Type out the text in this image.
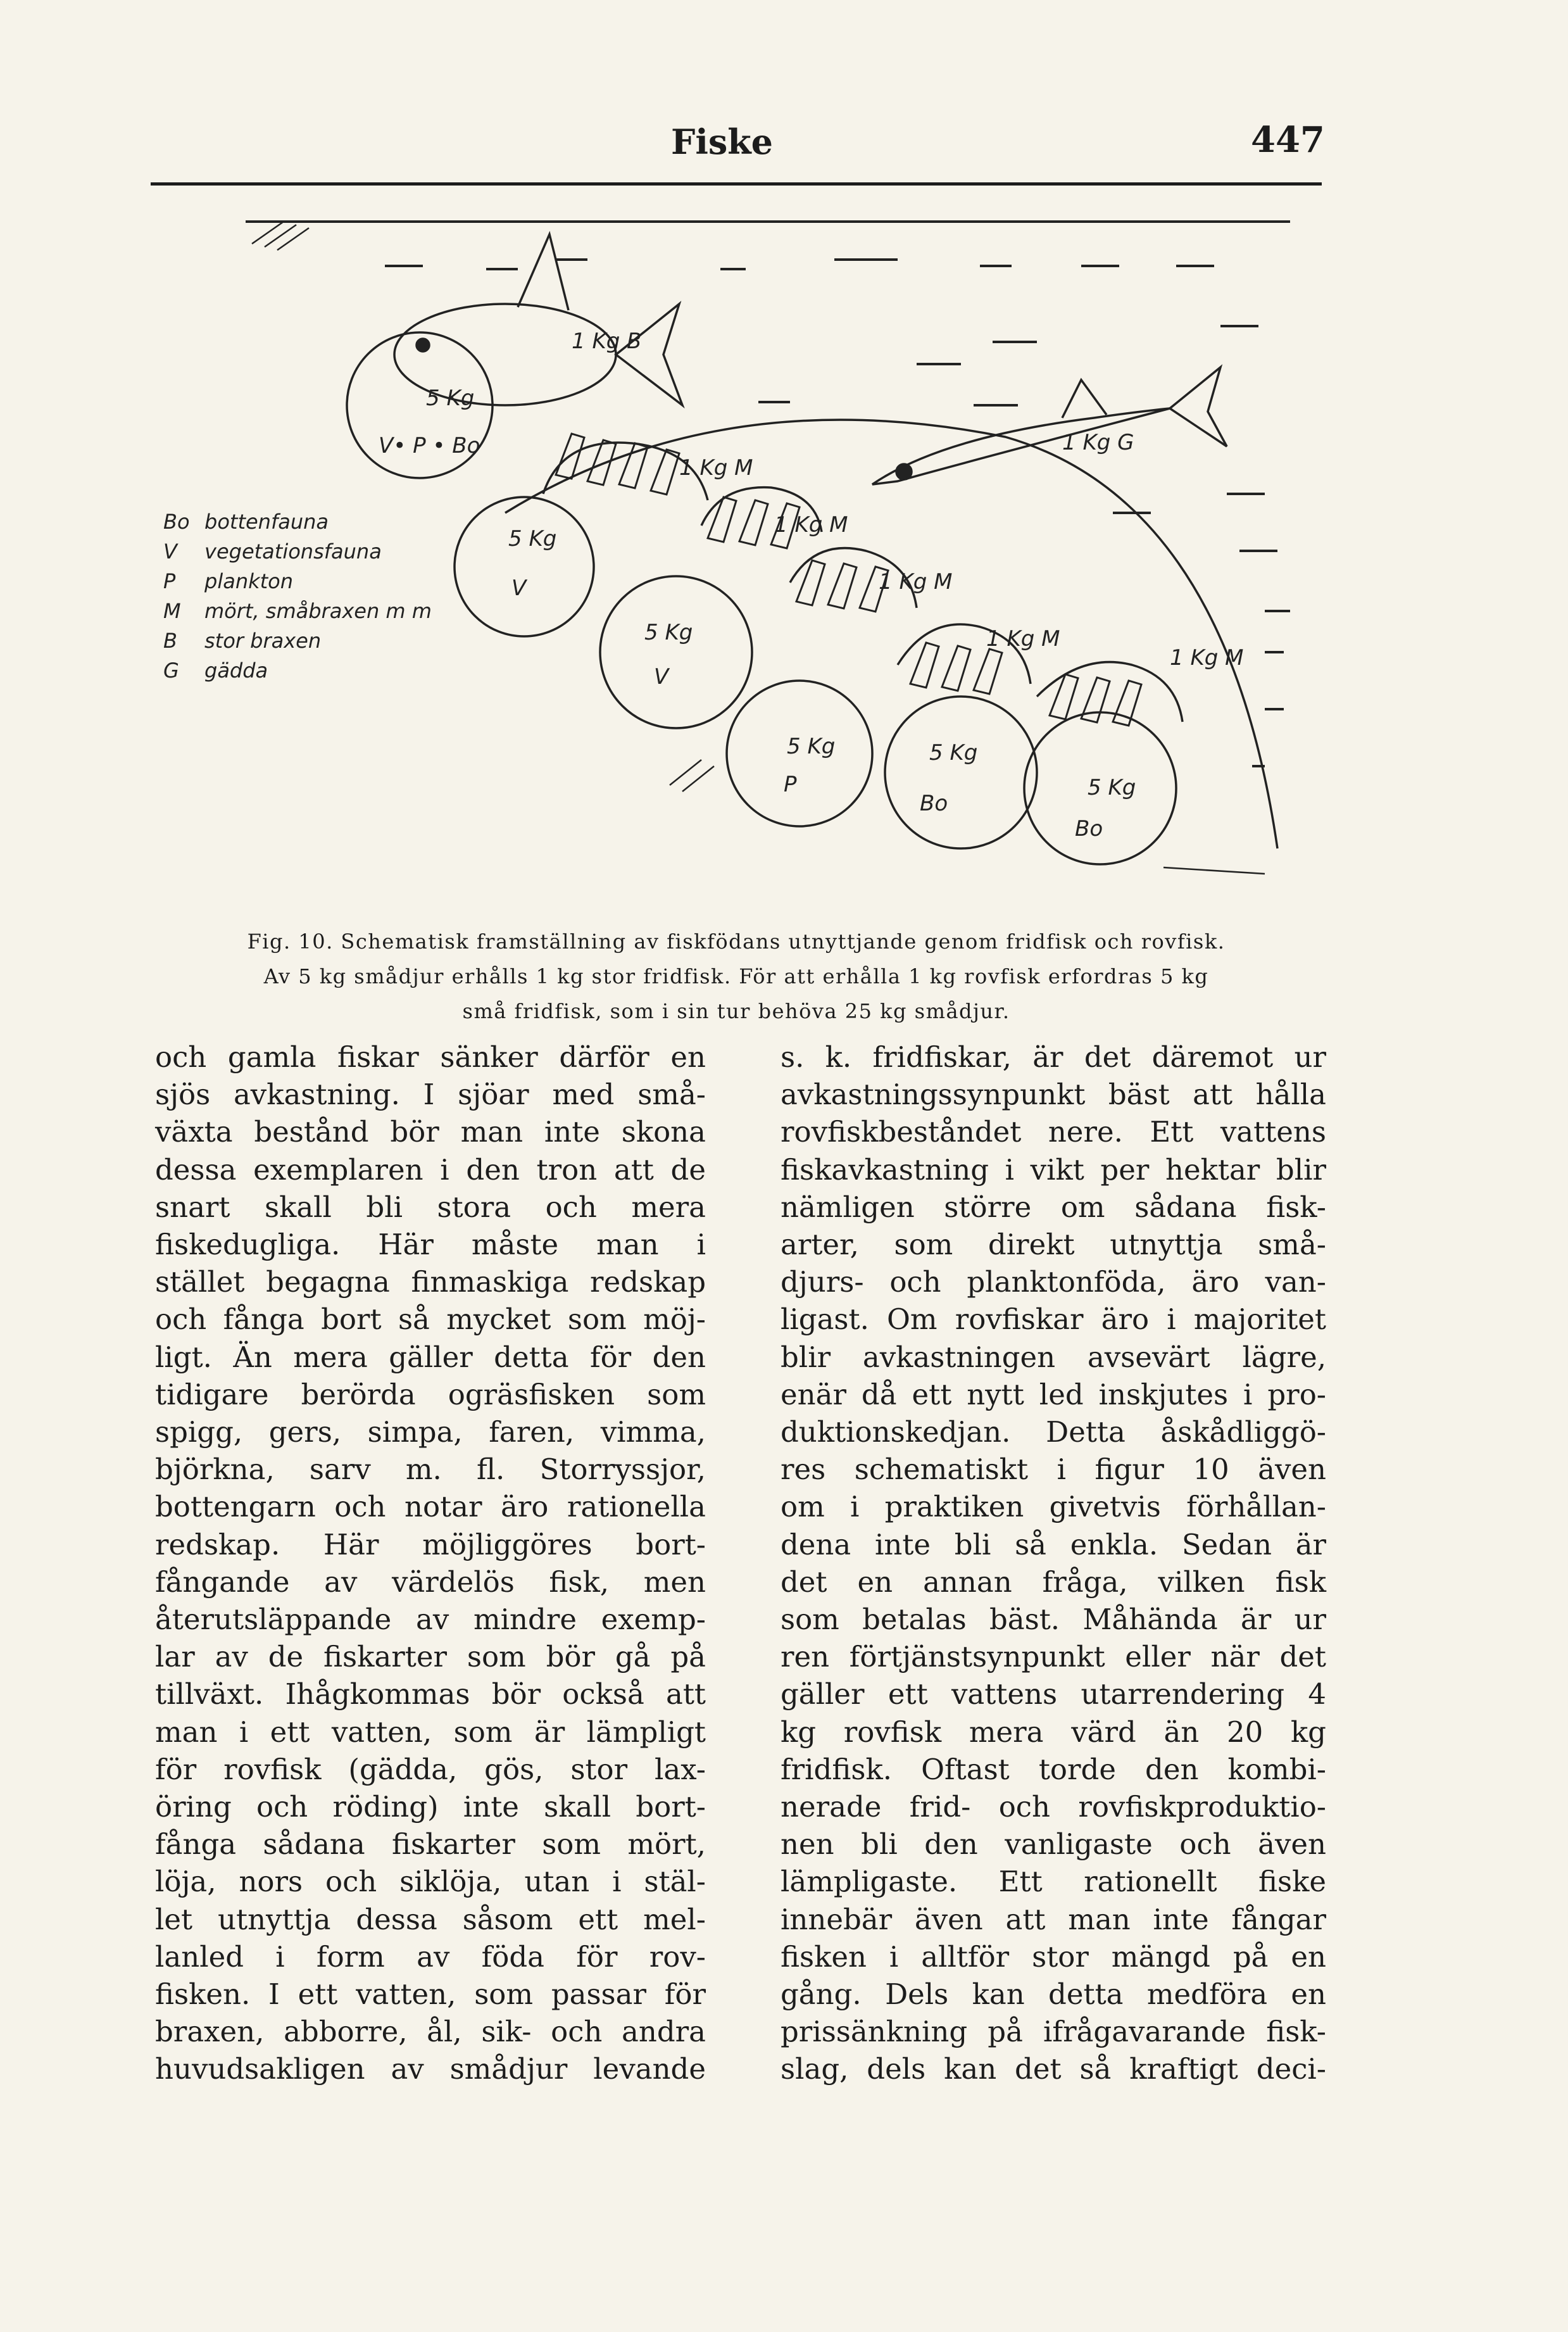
Fiske	447
Bo bottenfauna
V vegetationsfauna
P plankton
M mört, småbraxen m m
B stor braxen
G gädda
5 Kg
V• P • Bo
5 Kg
V
5 Kg
V
5 Kg
P
5 Kg
Bo
5 Kg
Bo
1 Kg B
1 Kg G
1 Kg M
1 Kg M
1 Kg M
1 Kg M
1 Kg M
Fig. 10. Schematisk framställning av fiskfödans utnyttjande genom fridfisk och rovfisk.
Av 5 kg smådjur erhålls 1 kg stor fridfisk. För att erhålla 1 kg rovfisk erfordras 5 kg
små fridfisk, som i sin tur behöva 25 kg smådjur.
och gamla fiskar sänker därför en
sjös avkastning. I sjöar med små-
växta bestånd bör man inte skona
dessa exemplaren i den tron att de
snart skall bli stora och mera
fiskedugliga. Här måste man i
stället begagna finmaskiga redskap
och fånga bort så mycket som möj-
ligt. Än mera gäller detta för den
tidigare berörda ogräsfisken som
spigg, gers, simpa, faren, vimma,
björkna, sarv m. fl. Storryssjor,
bottengarn och notar äro rationella
redskap. Här möjliggöres bort-
fångande av värdelös fisk, men
återutsläppande av mindre exemp-
lar av de fiskarter som bör gå på
tillväxt. Ihågkommas bör också att
man i ett vatten, som är lämpligt
för rovfisk (gädda, gös, stor lax-
öring och röding) inte skall bort-
fånga sådana fiskarter som mört,
löja, nors och siklöja, utan i stäl-
let utnyttja dessa såsom ett mel-
lanled i form av föda för rov-
fisken. I ett vatten, som passar för
braxen, abborre, ål, sik- och andra
huvudsakligen av smådjur levande
s. k. fridfiskar, är det däremot ur
avkastningssynpunkt bäst att hålla
rovfiskbeståndet nere. Ett vattens
fiskavkastning i vikt per hektar blir
nämligen större om sådana fisk-
arter, som direkt utnyttja små-
djurs- och planktonföda, äro van-
ligast. Om rovfiskar äro i majoritet
blir avkastningen avsevärt lägre,
enär då ett nytt led inskjutes i pro-
duktionskedjan. Detta åskådliggö-
res schematiskt i figur 10 även
om i praktiken givetvis förhållan-
dena inte bli så enkla. Sedan är
det en annan fråga, vilken fisk
som betalas bäst. Måhända är ur
ren förtjänstsynpunkt eller när det
gäller ett vattens utarrendering 4
kg rovfisk mera värd än 20 kg
fridfisk. Oftast torde den kombi-
nerade frid- och rovfiskproduktio-
nen bli den vanligaste och även
lämpligaste. Ett rationellt fiske
innebär även att man inte fångar
fisken i alltför stor mängd på en
gång. Dels kan detta medföra en
prissänkning på ifrågavarande fisk-
slag, dels kan det så kraftigt deci-
